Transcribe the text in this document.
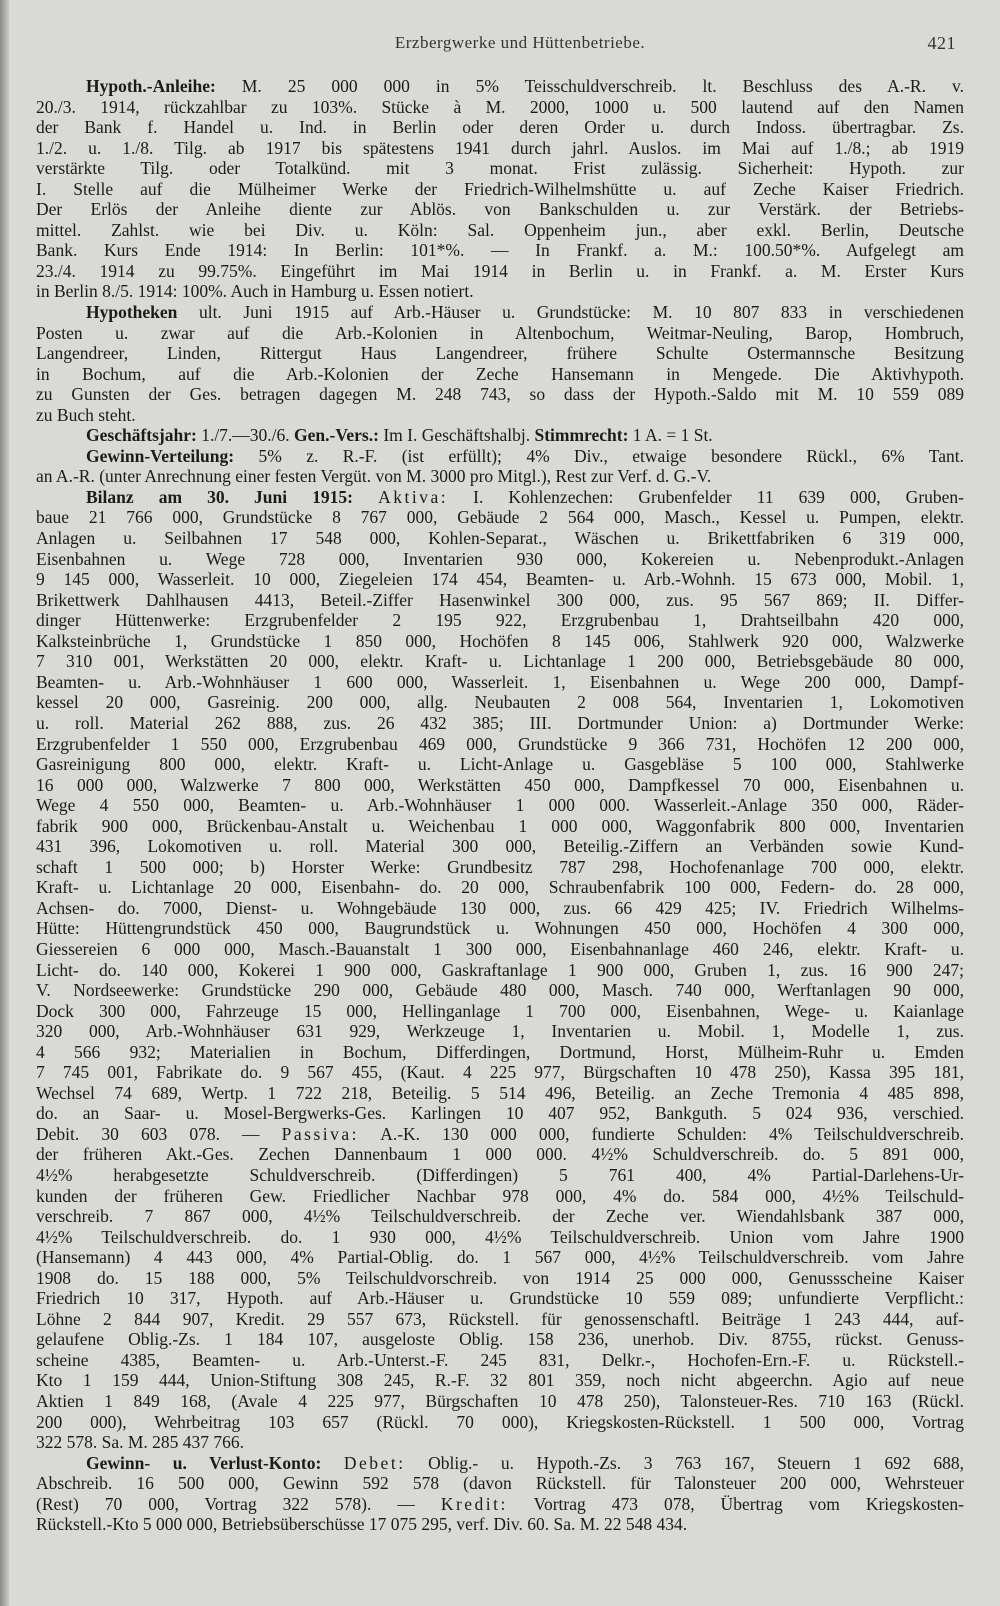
Erzbergwerke und Hüttenbetriebe.	421
Hypoth.-Anleihe: M. 25 000 000 in 5% Teisschuldverschreib. lt. Beschluss des A.-R. v.
20./3. 1914, rückzahlbar zu 103%. Stücke à M. 2000, 1000 u. 500 lautend auf den Namen
der Bank f. Handel u. Ind. in Berlin oder deren Order u. durch Indoss. übertragbar. Zs.
1./2. u. 1./8. Tilg. ab 1917 bis spätestens 1941 durch jahrl. Auslos. im Mai auf 1./8.; ab 1919
verstärkte Tilg. oder Totalkünd. mit 3 monat. Frist zulässig. Sicherheit: Hypoth. zur
I. Stelle auf die Mülheimer Werke der Friedrich-Wilhelmshütte u. auf Zeche Kaiser Friedrich.
Der Erlös der Anleihe diente zur Ablös. von Bankschulden u. zur Verstärk. der Betriebs-
mittel. Zahlst. wie bei Div. u. Köln: Sal. Oppenheim jun., aber exkl. Berlin, Deutsche
Bank. Kurs Ende 1914: In Berlin: 101*%. — In Frankf. a. M.: 100.50*%. Aufgelegt am
23./4. 1914 zu 99.75%. Eingeführt im Mai 1914 in Berlin u. in Frankf. a. M. Erster Kurs
in Berlin 8./5. 1914: 100%. Auch in Hamburg u. Essen notiert.
Hypotheken ult. Juni 1915 auf Arb.-Häuser u. Grundstücke: M. 10 807 833 in verschiedenen
Posten u. zwar auf die Arb.-Kolonien in Altenbochum, Weitmar-Neuling, Barop, Hombruch,
Langendreer, Linden, Rittergut Haus Langendreer, frühere Schulte Ostermannsche Besitzung
in Bochum, auf die Arb.-Kolonien der Zeche Hansemann in Mengede. Die Aktivhypoth.
zu Gunsten der Ges. betragen dagegen M. 248 743, so dass der Hypoth.-Saldo mit M. 10 559 089
zu Buch steht.
Geschäftsjahr: 1./7.—30./6. Gen.-Vers.: Im I. Geschäftshalbj. Stimmrecht: 1 A. = 1 St.
Gewinn-Verteilung: 5% z. R.-F. (ist erfüllt); 4% Div., etwaige besondere Rückl., 6% Tant.
an A.-R. (unter Anrechnung einer festen Vergüt. von M. 3000 pro Mitgl.), Rest zur Verf. d. G.-V.
Bilanz am 30. Juni 1915: Aktiva: I. Kohlenzechen: Grubenfelder 11 639 000, Gruben-
baue 21 766 000, Grundstücke 8 767 000, Gebäude 2 564 000, Masch., Kessel u. Pumpen, elektr.
Anlagen u. Seilbahnen 17 548 000, Kohlen-Separat., Wäschen u. Brikettfabriken 6 319 000,
Eisenbahnen u. Wege 728 000, Inventarien 930 000, Kokereien u. Nebenprodukt.-Anlagen
9 145 000, Wasserleit. 10 000, Ziegeleien 174 454, Beamten- u. Arb.-Wohnh. 15 673 000, Mobil. 1,
Brikettwerk Dahlhausen 4413, Beteil.-Ziffer Hasenwinkel 300 000, zus. 95 567 869; II. Differ-
dinger Hüttenwerke: Erzgrubenfelder 2 195 922, Erzgrubenbau 1, Drahtseilbahn 420 000,
Kalksteinbrüche 1, Grundstücke 1 850 000, Hochöfen 8 145 006, Stahlwerk 920 000, Walzwerke
7 310 001, Werkstätten 20 000, elektr. Kraft- u. Lichtanlage 1 200 000, Betriebsgebäude 80 000,
Beamten- u. Arb.-Wohnhäuser 1 600 000, Wasserleit. 1, Eisenbahnen u. Wege 200 000, Dampf-
kessel 20 000, Gasreinig. 200 000, allg. Neubauten 2 008 564, Inventarien 1, Lokomotiven
u. roll. Material 262 888, zus. 26 432 385; III. Dortmunder Union: a) Dortmunder Werke:
Erzgrubenfelder 1 550 000, Erzgrubenbau 469 000, Grundstücke 9 366 731, Hochöfen 12 200 000,
Gasreinigung 800 000, elektr. Kraft- u. Licht-Anlage u. Gasgebläse 5 100 000, Stahlwerke
16 000 000, Walzwerke 7 800 000, Werkstätten 450 000, Dampfkessel 70 000, Eisenbahnen u.
Wege 4 550 000, Beamten- u. Arb.-Wohnhäuser 1 000 000. Wasserleit.-Anlage 350 000, Räder-
fabrik 900 000, Brückenbau-Anstalt u. Weichenbau 1 000 000, Waggonfabrik 800 000, Inventarien
431 396, Lokomotiven u. roll. Material 300 000, Beteilig.-Ziffern an Verbänden sowie Kund-
schaft 1 500 000; b) Horster Werke: Grundbesitz 787 298, Hochofenanlage 700 000, elektr.
Kraft- u. Lichtanlage 20 000, Eisenbahn- do. 20 000, Schraubenfabrik 100 000, Federn- do. 28 000,
Achsen- do. 7000, Dienst- u. Wohngebäude 130 000, zus. 66 429 425; IV. Friedrich Wilhelms-
Hütte: Hüttengrundstück 450 000, Baugrundstück u. Wohnungen 450 000, Hochöfen 4 300 000,
Giessereien 6 000 000, Masch.-Bauanstalt 1 300 000, Eisenbahnanlage 460 246, elektr. Kraft- u.
Licht- do. 140 000, Kokerei 1 900 000, Gaskraftanlage 1 900 000, Gruben 1, zus. 16 900 247;
V. Nordseewerke: Grundstücke 290 000, Gebäude 480 000, Masch. 740 000, Werftanlagen 90 000,
Dock 300 000, Fahrzeuge 15 000, Hellinganlage 1 700 000, Eisenbahnen, Wege- u. Kaianlage
320 000, Arb.-Wohnhäuser 631 929, Werkzeuge 1, Inventarien u. Mobil. 1, Modelle 1, zus.
4 566 932; Materialien in Bochum, Differdingen, Dortmund, Horst, Mülheim-Ruhr u. Emden
7 745 001, Fabrikate do. 9 567 455, (Kaut. 4 225 977, Bürgschaften 10 478 250), Kassa 395 181,
Wechsel 74 689, Wertp. 1 722 218, Beteilig. 5 514 496, Beteilig. an Zeche Tremonia 4 485 898,
do. an Saar- u. Mosel-Bergwerks-Ges. Karlingen 10 407 952, Bankguth. 5 024 936, verschied.
Debit. 30 603 078. — Passiva: A.-K. 130 000 000, fundierte Schulden: 4% Teilschuldverschreib.
der früheren Akt.-Ges. Zechen Dannenbaum 1 000 000. 4½% Schuldverschreib. do. 5 891 000,
4½% herabgesetzte Schuldverschreib. (Differdingen) 5 761 400, 4% Partial-Darlehens-Ur-
kunden der früheren Gew. Friedlicher Nachbar 978 000, 4% do. 584 000, 4½% Teilschuld-
verschreib. 7 867 000, 4½% Teilschuldverschreib. der Zeche ver. Wiendahlsbank 387 000,
4½% Teilschuldverschreib. do. 1 930 000, 4½% Teilschuldverschreib. Union vom Jahre 1900
(Hansemann) 4 443 000, 4% Partial-Oblig. do. 1 567 000, 4½% Teilschuldverschreib. vom Jahre
1908 do. 15 188 000, 5% Teilschuldvorschreib. von 1914 25 000 000, Genussscheine Kaiser
Friedrich 10 317, Hypoth. auf Arb.-Häuser u. Grundstücke 10 559 089; unfundierte Verpflicht.:
Löhne 2 844 907, Kredit. 29 557 673, Rückstell. für genossenschaftl. Beiträge 1 243 444, auf-
gelaufene Oblig.-Zs. 1 184 107, ausgeloste Oblig. 158 236, unerhob. Div. 8755, rückst. Genuss-
scheine 4385, Beamten- u. Arb.-Unterst.-F. 245 831, Delkr.-, Hochofen-Ern.-F. u. Rückstell.-
Kto 1 159 444, Union-Stiftung 308 245, R.-F. 32 801 359, noch nicht abgeerchn. Agio auf neue
Aktien 1 849 168, (Avale 4 225 977, Bürgschaften 10 478 250), Talonsteuer-Res. 710 163 (Rückl.
200 000), Wehrbeitrag 103 657 (Rückl. 70 000), Kriegskosten-Rückstell. 1 500 000, Vortrag
322 578. Sa. M. 285 437 766.
Gewinn- u. Verlust-Konto: Debet: Oblig.- u. Hypoth.-Zs. 3 763 167, Steuern 1 692 688,
Abschreib. 16 500 000, Gewinn 592 578 (davon Rückstell. für Talonsteuer 200 000, Wehrsteuer
(Rest) 70 000, Vortrag 322 578). — Kredit: Vortrag 473 078, Übertrag vom Kriegskosten-
Rückstell.-Kto 5 000 000, Betriebsüberschüsse 17 075 295, verf. Div. 60. Sa. M. 22 548 434.
